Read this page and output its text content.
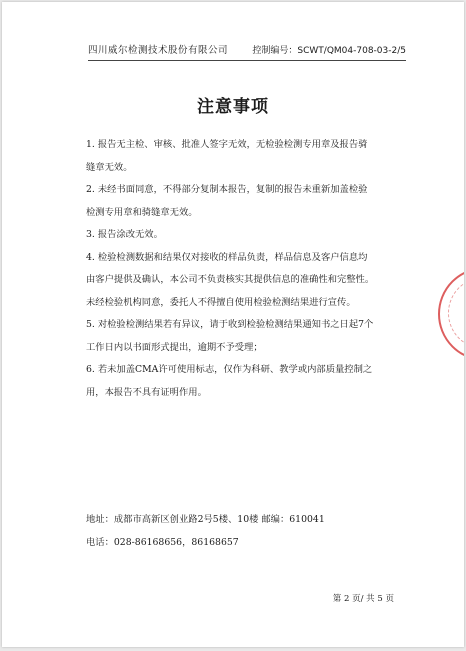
四川威尔检测技术股份有限公司	控制编号：SCWT/QM04-708-03-2/5
注意事项
1. 报告无主检、审核、批准人签字无效，无检验检测专用章及报告骑
缝章无效。
2. 未经书面同意，不得部分复制本报告，复制的报告未重新加盖检验
检测专用章和骑缝章无效。
3. 报告涂改无效。
4. 检验检测数据和结果仅对接收的样品负责，样品信息及客户信息均
由客户提供及确认，本公司不负责核实其提供信息的准确性和完整性。
未经检验机构同意，委托人不得擅自使用检验检测结果进行宣传。
5. 对检验检测结果若有异议，请于收到检验检测结果通知书之日起7个
工作日内以书面形式提出，逾期不予受理；
6. 若未加盖CMA许可使用标志，仅作为科研、教学或内部质量控制之
用，本报告不具有证明作用。
地址：成都市高新区创业路2号5楼、10楼 邮编：610041
电话：028-86168656，86168657
第 2 页/ 共 5 页
